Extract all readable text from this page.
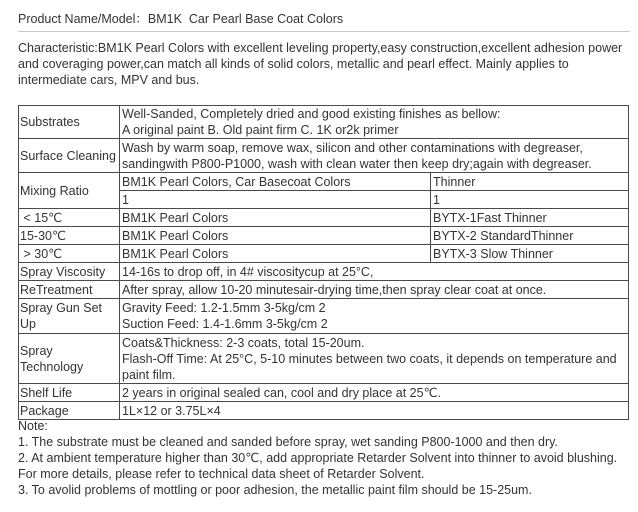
Product Name/Model：BM1K  Car Pearl Base Coat Colors
Characteristic:BM1K Pearl Colors with excellent leveling property,easy construction,excellent adhesion power and coveraging power,can match all kinds of solid colors, metallic and pearl effect. Mainly applies to intermediate cars, MPV and bus.
Substrates	Well-Sanded, Completely dried and good existing finishes as bellow:
A original paint B. Old paint firm C. 1K or2k primer	

Surface Cleaning	Wash by warm soap, remove wax, silicon and other contaminations with degreaser,
sandingwith P800-P1000, wash with clean water then keep dry;again with degreaser.	

Mixing Ratio	BM1K Pearl Colors, Car Basecoat Colors	Thinner
	1	1
< 15℃	BM1K Pearl Colors	BYTX-1Fast Thinner
15-30℃	BM1K Pearl Colors	BYTX-2 StandardThinner
> 30℃	BM1K Pearl Colors	BYTX-3 Slow Thinner
Spray Viscosity	14-16s to drop off, in 4# viscositycup at 25°C,	
ReTreatment	After spray, allow 10-20 minutesair-drying time,then spray clear coat at once.	
Spray Gun Set Up	Gravity Feed: 1.2-1.5mm 3-5kg/cm 2
Suction Feed: 1.4-1.6mm 3-5kg/cm 2	

Spray Technology	Coats&Thickness: 2-3 coats, total 15-20um.
Flash-Off Time: At 25°C, 5-10 minutes between two coats, it depends on temperature and paint film.	

Shelf Life	2 years in original sealed can, cool and dry place at 25℃.	
Package	1L×12 or 3.75L×4	
Note:
1. The substrate must be cleaned and sanded before spray, wet sanding P800-1000 and then dry.
2. At ambient temperature higher than 30℃, add appropriate Retarder Solvent into thinner to avoid blushing. For more details, please refer to technical data sheet of Retarder Solvent.
3. To avolid problems of mottling or poor adhesion, the metallic paint film should be 15-25um.
